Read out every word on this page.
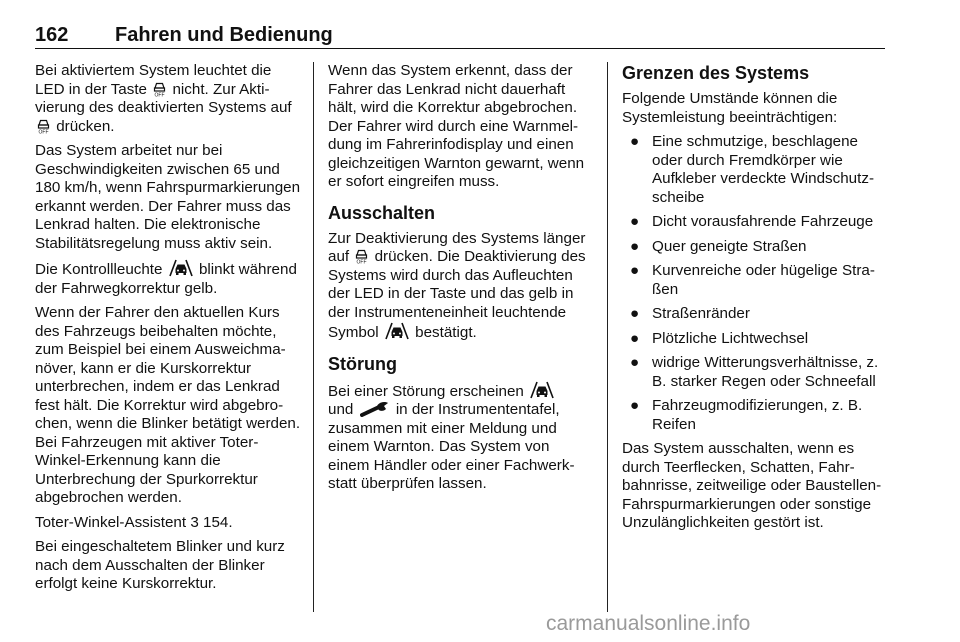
162 Fahren und Bedienung

Bei aktiviertem System leuchtet die LED in der Taste OFF nicht. Zur Aktivierung des deaktivierten Systems auf
OFF drücken.

Das System arbeitet nur bei Geschwindigkeiten zwischen 65 und 180 km/h, wenn Fahrspurmarkierungen erkannt werden. Der Fahrer muss das Lenkrad halten. Die elektronische Stabilitätsregelung muss aktiv sein.

Die Kontrollleuchte blinkt während der Fahrwegkorrektur gelb.

Wenn der Fahrer den aktuellen Kurs des Fahrzeugs beibehalten möchte, zum Beispiel bei einem Ausweichmanöver, kann er die Kurskorrektur unterbrechen, indem er das Lenkrad fest hält. Die Korrektur wird abgebrochen, wenn die Blinker betätigt werden. Bei Fahrzeugen mit aktiver Toter-Winkel-Erkennung kann die Unterbrechung der Spurkorrektur abgebrochen werden.

Toter-Winkel-Assistent 3 154.

Bei eingeschaltetem Blinker und kurz nach dem Ausschalten der Blinker erfolgt keine Kurskorrektur.

Wenn das System erkennt, dass der Fahrer das Lenkrad nicht dauerhaft hält, wird die Korrektur abgebrochen. Der Fahrer wird durch eine Warnmeldung im Fahrerinfodisplay und einen gleichzeitigen Warnton gewarnt, wenn er sofort eingreifen muss.

Ausschalten

Zur Deaktivierung des Systems länger auf OFF drücken. Die Deaktivierung des Systems wird durch das Aufleuchten der LED in der Taste und das gelb in der Instrumenteneinheit leuchtende Symbol bestätigt.

Störung

Bei einer Störung erscheinen
und	in der Instrumententafel, zusammen mit einer Meldung und einem Warnton. Das System von einem Händler oder einer Fachwerkstatt überprüfen lassen.

Grenzen des Systems

Folgende Umstände können die Systemleistung beeinträchtigen:

● Eine schmutzige, beschlagene oder durch Fremdkörper wie Aufkleber verdeckte Windschutzscheibe
● Dicht vorausfahrende Fahrzeuge
● Quer geneigte Straßen
● Kurvenreiche oder hügelige Straßen
● Straßenränder
● Plötzliche Lichtwechsel
● widrige Witterungsverhältnisse, z. B. starker Regen oder Schneefall
● Fahrzeugmodifizierungen, z. B. Reifen

Das System ausschalten, wenn es durch Teerflecken, Schatten, Fahrbahnrisse, zeitweilige oder Baustellen-Fahrspurmarkierungen oder sonstige Unzulänglichkeiten gestört ist.

carmanualsonline.info
